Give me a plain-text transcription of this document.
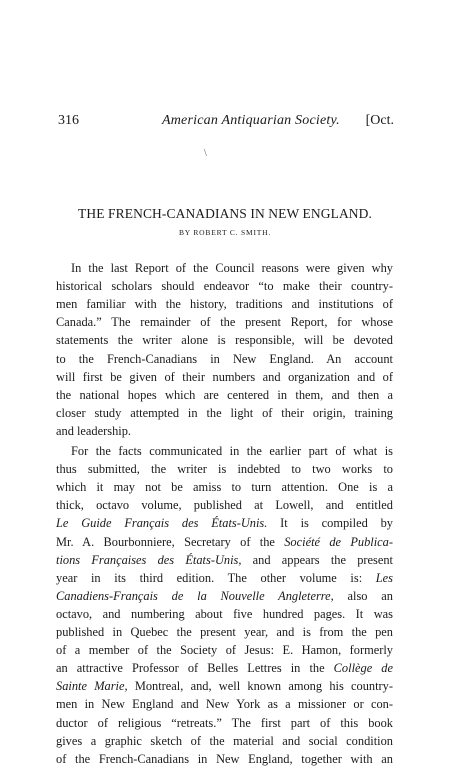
316	American Antiquarian Society. [Oct.
\
THE FRENCH-CANADIANS IN NEW ENGLAND.
BY ROBERT C. SMITH.
In the last Report of the Council reasons were given why
historical scholars should endeavor “to make their country-
men familiar with the history, traditions and institutions of
Canada.” The remainder of the present Report, for whose
statements the writer alone is responsible, will be devoted
to the French-Canadians in New England. An account
will first be given of their numbers and organization and of
the national hopes which are centered in them, and then a
closer study attempted in the light of their origin, training
and leadership.
For the facts communicated in the earlier part of what is
thus submitted, the writer is indebted to two works to
which it may not be amiss to turn attention. One is a
thick, octavo volume, published at Lowell, and entitled
Le Guide Français des États-Unis. It is compiled by
Mr. A. Bourbonniere, Secretary of the Société de Publica-
tions Françaises des États-Unis, and appears the present
year in its third edition. The other volume is: Les
Canadiens-Français de la Nouvelle Angleterre, also an
octavo, and numbering about five hundred pages. It was
published in Quebec the present year, and is from the pen
of a member of the Society of Jesus: E. Hamon, formerly
an attractive Professor of Belles Lettres in the Collège de
Sainte Marie, Montreal, and, well known among his country-
men in New England and New York as a missioner or con-
ductor of religious “retreats.” The first part of this book
gives a graphic sketch of the material and social condition
of the French-Canadians in New England, together with an
